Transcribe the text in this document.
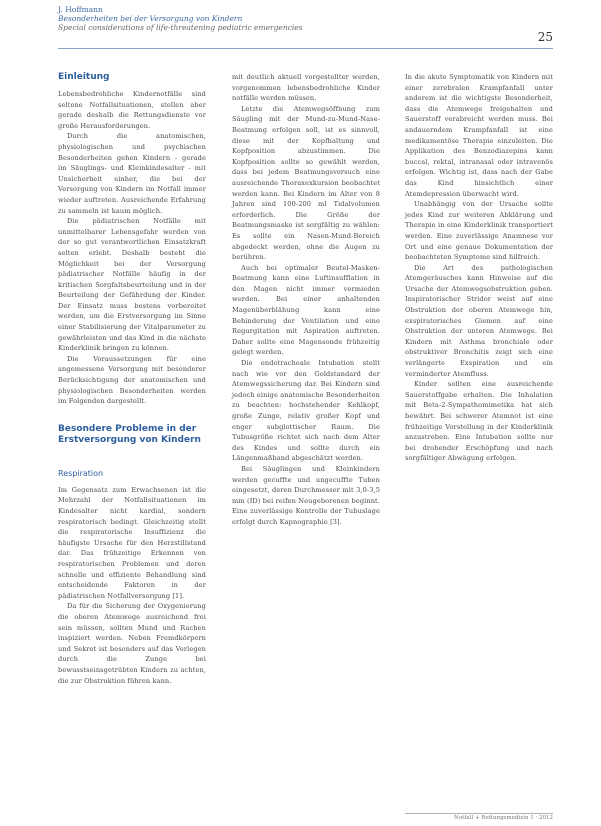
J. Hoffmann
Besonderheiten bei der Versorgung von Kindern
Special considerations of life-threatening pediatric emergencies
25
Einleitung

Lebensbedrohliche Kindernotfälle sind seltene Notfallsituationen, stellen aber gerade deshalb die Rettungsdienste vor große Herausforderungen.

Durch die anatomischen, physiologischen und psychischen Besonderheiten gehen Kindern - gerade im Säuglings- und Kleinkindesalter - mit Unsicherheit einher, die bei der Versorgung von Kindern im Notfall immer wieder auftreten. Ausreichende Erfahrung zu sammeln ist kaum möglich.

Die pädiatrischen Notfälle mit unmittelbarer Lebensgefahr werden von der so gut verantwortlichen Einsatzkraft selten erlebt. Deshalb besteht die Möglichkeit bei der Versorgung pädiatrischer Notfälle häufig in der kritischen Sorgfaltsbeurteilung und in der Beurteilung der Gefährdung der Kinder. Der Einsatz muss bestens vorbereitet werden, um die Erstversorgung im Sinne einer Stabilisierung der Vitalparameter zu gewährleisten und das Kind in die nächste Kinderklinik bringen zu können.

Die Voraussetzungen für eine angemessene Versorgung mit besonderer Berücksichtigung der anatomischen und physiologischen Besonderheiten werden im Folgenden dargestellt.

Besondere Probleme in der Erstversorgung von Kindern
Respiration

Im Gegensatz zum Erwachsenen ist die Mehrzahl der Notfallsituationen im Kindesalter nicht kardial, sondern respiratorisch bedingt. Gleichzeitig stellt die respiratorische Insuffizienz die häufigste Ursache für den Herzstillstand dar. Das frühzeitige Erkennen von respiratorischen Problemen und deren schnelle und effiziente Behandlung sind entscheidende Faktoren in der pädiatrischen Notfallversorgung [1].

Da für die Sicherung der Oxygenierung die oberen Atemwege ausreichend frei sein müssen, sollten Mund und Rachen inspiziert werden. Neben Fremdkörpern und Sekret ist besonders auf das Verlegen durch die Zunge bei bewusstseinsgetrübten Kindern zu achten, die zur Obstruktion führen kann.

mit deutlich aktuell vorgestellter werden, vorgenommen lebensbedrohliche Kinder notfälle werden müssen.

Letzte die Atemwegsöffnung zum Säugling mit der Mund-zu-Mund-Nase-Beatmung erfolgen soll, ist es sinnvoll, diese mit der Kopfhaltung und Kopfposition abzustimmen. Die Kopfposition sollte so gewählt werden, dass bei jedem Beatmungsversuch eine ausreichende Thoraxexkursion beobachtet werden kann. Bei Kindern im Alter von 8 Jahren sind 100-200 ml Tidalvolumen erforderlich. Die Größe der Beatmungsmaske ist sorgfältig zu wählen: Es sollte ein Nasen-Mund-Bereich abgedeckt werden, ohne die Augen zu berühren.

Auch bei optimaler Beutel-Masken-Beatmung kann eine Luftinsufflation in den Magen nicht immer vermieden werden. Bei einer anhaltenden Magenüberblähung kann eine Behinderung der Ventilation und eine Regurgitation mit Aspiration auftreten. Daher sollte eine Magensonde frühzeitig gelegt werden.

Die endotracheale Intubation stellt nach wie vor den Goldstandard der Atemwegssicherung dar. Bei Kindern sind jedoch einige anatomische Besonderheiten zu beachten: hochstehender Kehlkopf, große Zunge, relativ großer Kopf und enger subglottischer Raum. Die Tubusgröße richtet sich nach dem Alter des Kindes und sollte durch ein Längenmaßband abgeschätzt werden.

Bei Säuglingen und Kleinkindern werden gecuffte und ungecuffte Tuben eingesetzt, deren Durchmesser mit 3,0-3,5 mm (ID) bei reifen Neugeborenen beginnt. Eine zuverlässige Kontrolle der Tubuslage erfolgt durch Kapnographie [3].

In die akute Symptomatik von Kindern mit einer zerebralen Krampfanfall unter anderem ist die wichtigste Besonderheit, dass die Atemwege freigehalten und Sauerstoff verabreicht werden muss. Bei andauerndem Krampfanfall ist eine medikamentöse Therapie einzuleiten. Die Applikation des Benzodiazepins kann buccal, rektal, intranasal oder intravenös erfolgen. Wichtig ist, dass nach der Gabe das Kind hinsichtlich einer Atemdepression überwacht wird.

Unabhängig von der Ursache sollte jedes Kind zur weiteren Abklärung und Therapie in eine Kinderklinik transportiert werden. Eine zuverlässige Anamnese vor Ort und eine genaue Dokumentation der beobachteten Symptome sind hilfreich.

Die Art des pathologischen Atemgeräusches kann Hinweise auf die Ursache der Atemwegsobstruktion geben. Inspiratorischer Stridor weist auf eine Obstruktion der oberen Atemwege hin, exspiratorisches Giemen auf eine Obstruktion der unteren Atemwege. Bei Kindern mit Asthma bronchiale oder obstruktiver Bronchitis zeigt sich eine verlängerte Exspiration und ein verminderter Atemfluss.

Kinder sollten eine ausreichende Sauerstoffgabe erhalten. Die Inhalation mit Beta-2-Sympathomimetika hat sich bewährt. Bei schwerer Atemnot ist eine frühzeitige Vorstellung in der Kinderklinik anzustreben. Eine Intubation sollte nur bei drohender Erschöpfung und nach sorgfältiger Abwägung erfolgen.

Notfall + Rettungsmedizin 1 · 2012
